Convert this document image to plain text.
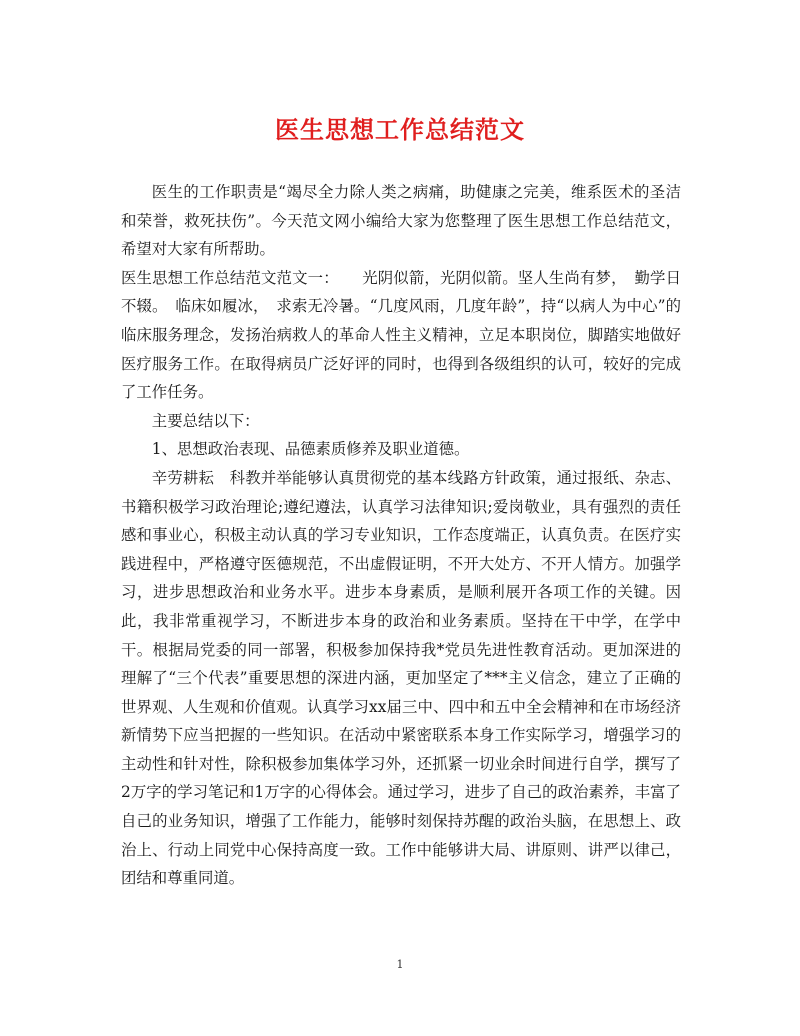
医生思想工作总结范文

医生的工作职责是“竭尽全力除人类之病痛，助健康之完美，维系医术的圣洁和荣誉，救死扶伤”。今天范文网小编给大家为您整理了医生思想工作总结范文，希望对大家有所帮助。

医生思想工作总结范文范文一：　　光阴似箭，光阴似箭。坚人生尚有梦，　勤学日不辍。　临床如履冰，　求索无冷暑。“几度风雨，几度年龄”，持“以病人为中心”的临床服务理念，发扬治病救人的革命人性主义精神，立足本职岗位，脚踏实地做好医疗服务工作。在取得病员广泛好评的同时，也得到各级组织的认可，较好的完成了工作任务。

主要总结以下：

1、思想政治表现、品德素质修养及职业道德。

辛劳耕耘　科教并举能够认真贯彻党的基本线路方针政策，通过报纸、杂志、书籍积极学习政治理论;遵纪遵法，认真学习法律知识;爱岗敬业，具有强烈的责任感和事业心，积极主动认真的学习专业知识，工作态度端正，认真负责。在医疗实践进程中，严格遵守医德规范，不出虚假证明，不开大处方、不开人情方。加强学习，进步思想政治和业务水平。进步本身素质，是顺利展开各项工作的关键。因此，我非常重视学习，不断进步本身的政治和业务素质。坚持在干中学，在学中干。根据局党委的同一部署，积极参加保持我*党员先进性教育活动。更加深进的理解了“三个代表”重要思想的深进内涵，更加坚定了***主义信念，建立了正确的世界观、人生观和价值观。认真学习xx届三中、四中和五中全会精神和在市场经济新情势下应当把握的一些知识。在活动中紧密联系本身工作实际学习，增强学习的主动性和针对性，除积极参加集体学习外，还抓紧一切业余时间进行自学，撰写了2万字的学习笔记和1万字的心得体会。通过学习，进步了自己的政治素养，丰富了自己的业务知识，增强了工作能力，能够时刻保持苏醒的政治头脑，在思想上、政治上、行动上同党中心保持高度一致。工作中能够讲大局、讲原则、讲严以律己，团结和尊重同道。

1
